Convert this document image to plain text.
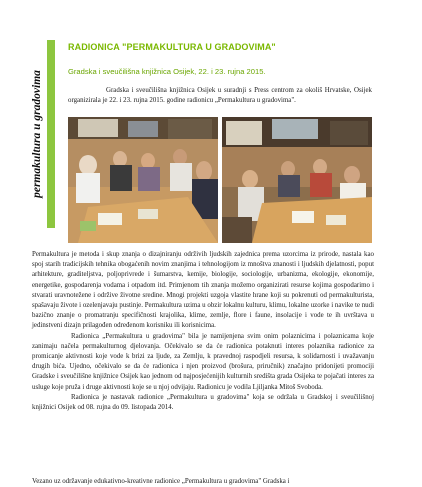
permakultura u gradovima
RADIONICA "PERMAKULTURA U GRADOVIMA"
Gradska i sveučilišna knjižnica Osijek, 22. i 23. rujna 2015.
Gradska i sveučilišna knjižnica Osijek u suradnji s Press centrom za okoliš Hrvatske, Osijek organizirala je 22. i 23. rujna 2015. godine radionicu „Permakultura u gradovima".

Permakultura je metoda i skup znanja o dizajniranju održivih ljudskih zajednica prema uzorcima iz prirode, nastala kao spoj starih tradicijskih tehnika obogaćenih novim znanjima i tehnologijom iz mnoštva znanosti i ljudskih djelatnosti, poput arhitekture, graditeljstva, poljoprivrede i šumarstva, kemije, biologije, sociologije, urbanizma, ekologije, ekonomije, energetike, gospodarenja vodama i otpadom itd. Primjenom tih znanja možemo organizirati resurse kojima gospodarimo i stvarati uravnotežene i održive životne sredine. Mnogi projekti uzgoja vlastite hrane koji su pokrenuti od permakulturista, spašavaju živote i ozelenjavaju pustinje. Permakultura uzima u obzir lokalnu kulturu, klimu, lokalne uzorke i navike te nudi bazično znanje o promatranju specifičnosti krajolika, klime, zemlje, flore i faune, insolacije i vode te ih uvrštava u jedinstveni dizajn prilagođen određenom korisniku ili korisnicima.

Radionica „Permakultura u gradovima" bila je namijenjena svim onim polaznicima i polaznicama koje zanimaju načela permakulturnog djelovanja. Očekivalo se da će radionica potaknuti interes polaznika radionice za promicanje aktivnosti koje vode k brizi za ljude, za Zemlju, k pravednoj raspodjeli resursa, k solidarnosti i uvažavanju drugih bića. Ujedno, očekivalo se da će radionica i njen proizvod (brošura, priručnik) značajno pridonijeti promociji Gradske i sveučilišne knjižnice Osijek kao jednom od najposjećenijih kulturnih središta grada Osijeka te pojačati interes za usluge koje pruža i druge aktivnosti koje se u njoj odvijaju. Radionicu je vodila Ljiljanka Mitoš Svoboda.

Radionica je nastavak radionice „Permakultura u gradovima" koja se održala u Gradskoj i sveučilišnoj knjižnici Osijek od 08. rujna do 09. listopada 2014.

Vezano uz održavanje edukativno-kreativne radionice „Permakultura u gradovima" Gradska i
